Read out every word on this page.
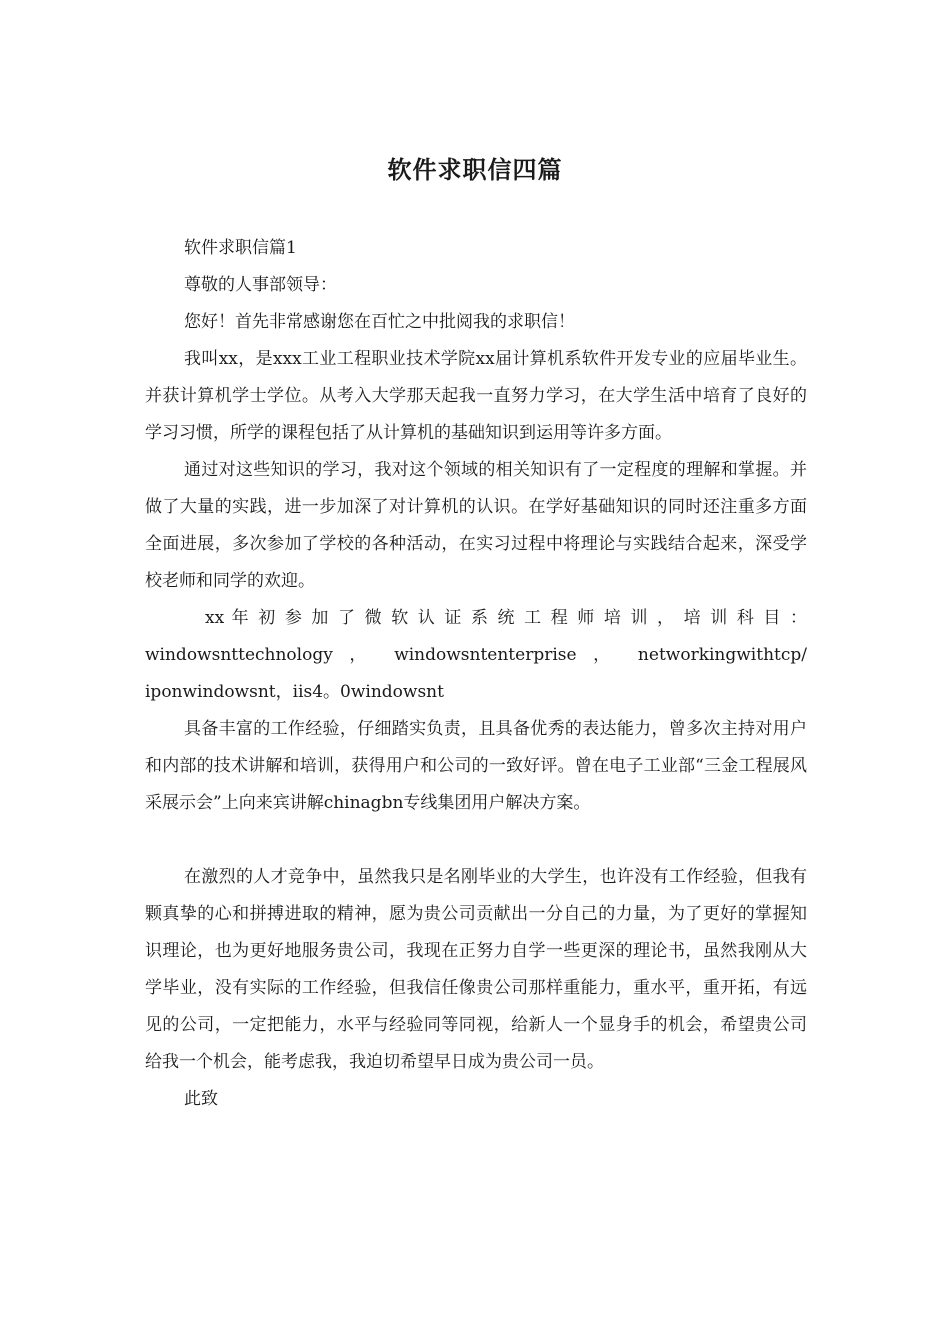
软件求职信四篇

软件求职信篇1

尊敬的人事部领导：

您好！首先非常感谢您在百忙之中批阅我的求职信！

我叫xx，是xxx工业工程职业技术学院xx届计算机系软件开发专业的应届毕业生。并获计算机学士学位。从考入大学那天起我一直努力学习，在大学生活中培育了良好的学习习惯，所学的课程包括了从计算机的基础知识到运用等许多方面。

通过对这些知识的学习，我对这个领域的相关知识有了一定程度的理解和掌握。并做了大量的实践，进一步加深了对计算机的认识。在学好基础知识的同时还注重多方面全面进展，多次参加了学校的各种活动，在实习过程中将理论与实践结合起来，深受学校老师和同学的欢迎。

xx 年 初 参 加 了 微 软 认 证 系 统 工 程 师 培 训 ， 培 训 科 目 ：
windowsnttechnology ， windowsntenterprise ， networkingwithtcp/
iponwindowsnt，ⅱs4。0windowsnt

具备丰富的工作经验，仔细踏实负责，且具备优秀的表达能力，曾多次主持对用户和内部的技术讲解和培训，获得用户和公司的一致好评。曾在电子工业部“三金工程展风采展示会”上向来宾讲解chinagbn专线集团用户解决方案。

在激烈的人才竞争中，虽然我只是名刚毕业的大学生，也许没有工作经验，但我有颗真挚的心和拼搏进取的精神，愿为贵公司贡献出一分自己的力量，为了更好的掌握知识理论，也为更好地服务贵公司，我现在正努力自学一些更深的理论书，虽然我刚从大学毕业，没有实际的工作经验，但我信任像贵公司那样重能力，重水平，重开拓，有远见的公司，一定把能力，水平与经验同等同视，给新人一个显身手的机会，希望贵公司给我一个机会，能考虑我，我迫切希望早日成为贵公司一员。

此致
